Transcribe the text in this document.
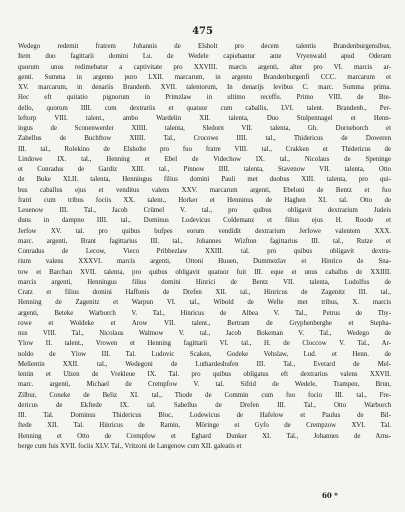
475
Wedego redemit fratrem Johannis de Elsholt pro decem talentis Brandenburgensibus,
Item duo fagittarii domini Lu. de Wedele capiebantur ante Vryenwald apud Oderam
quorum unus redimebatur a captivitate pro XXVIII. marcis argenti, alter pro VI. marcis ar-
genti. Summa in argento puro LXII. marcarum, in argento Brandenburgenfi CCC. marcarum et
XV. marcarum, in denariis Brandenb. XVII. talentorum, In denarijs levibus C. marc. Summa prima.
Hec eft quitatio pignorum in Primzlaw in ultimo receffu. Primo VIII. de Bre-
dello, quorum IIII. cum dextrariis et quatuor cum caballis, LVI. talent. Brandenb., Per-
leftorp VIII. talent., ambo Wardelin XII. talenta, Duo Stulpennagel et Henn-
ingus de Sconenwerder XIIII. talenta, Sledorn VII. talenta, Gh. Dorneborch et
Zabellus de Buchftow XIIII. Tal., Crocowe IIII. tal., Thidericus de Doweren
III. tal., Rolekino de Elsholte pro fuo fratre VIII. tal., Crakken et Thidericus de
Lindowe IX. tal., Henning et Ebel de Videchow IX. tal., Nicolaus de Speninge
et Conradus de Gardiz XIII. tal., Pinnow IIII. talenta, Stavenow VII. talenta, Otto
de Buke XLII. talenta, Henningus filius domini Pauli met duobus XIII. talenta, pro qui-
bus caballus ejus et venditus valens XXV. marcarum argenti, Ebeloni de Bentz et fuo
fratri cum tribus fociis XX. talent., Horker et Henninus de Haghen XI. tal. Otto de
Leuenow III. Tal., Jacob Crümel V. tal., pro quibus obligavit dextrarium Judeis
duns in dampno IIII. tal., Dominus Lodevicus Coldemanz et filius ejus H. Roode et
Jerfow XV. tal. pro quibus bufpes eorum vendidit dextrarium Jerfowe valentem XXX.
marc. argenti, Brant fagittarius III. tal., Johannes Wizfton fagittarius III. tal., Rutze et
Conradus de Lecow, Vieco Pribbezlaw XXIII. tal. pro quibus obligavit dextra-
rium valens XXXVI. marcis argenti, Ottoni Huuen, Dummezlav et Hinrico de Sna-
tow et Barchan XVII. talenta, pro quibus obligavit quatuor fuit III. eque et unus caballus de XXIIII.
marcis argenti, Henningus filius domini Hinrici de Bentz VII. talenta, Ludolfus de
Cratz et filius domini Haffonis de Drefen XII. tal., Hinricus de Zagenitz III. tal.,
Henning de Zagenitz et Warpun VI. tal., Wibold de Wefte met tribus, X. marcis
argenti, Beteke Warborch V. Tal., Hinricus de Albea V. Tal., Petrus de Thy-
rowe et Woldeke et Arow VII. talent., Bertram de Gryphenberghe et Stepha-
nus VIII. Tal., Nicolaus Walmow V. tal., Jacob Bokeman V. Tal., Wedego de
Ylow II. talent., Vrowen et Henning fagittarii VI. tal., H. de Cloccow V. Tal., Ar-
noldo de Ylow III. Tal. Ludovic Scaken, Godeke Vehslaw, Lud. et Henn. de
Mellentin XXII. tal., Wedegoni de Luthardeshufen III. Tal., Everard de Mel-
lentin et Ulzen de Vrekleue IX. Tal. pro quibus obligatus eft dextrarius valens XXVII.
marc. argenti, Michael de Crempfow V. tal. Sifrid de Wedele, Trampen, Brun,
Zilbur, Coneke de Beliz XI. tal., Thode de Commin cum fuo focio III. tal., Fre-
dericus de Ekftede IX. tal. Sabellus de Drefen III. Tal., Otto Warborch
III. Tal. Dominus Thidericus Bloc, Lodewicus de Hafelow et Paulus de Bil-
ftede XII. Tal. Hinricus de Ramin, Möringe et Gyfo de Crempzow XVI. Tal.
Henning et Otto de Crempfow et Eghard Dunker XI. Tal., Johannes de Arns-
berge cum fuis XVII. fociis XLV. Tal., Vritzoni de Langenow cum XII. galeatis et
60 *
